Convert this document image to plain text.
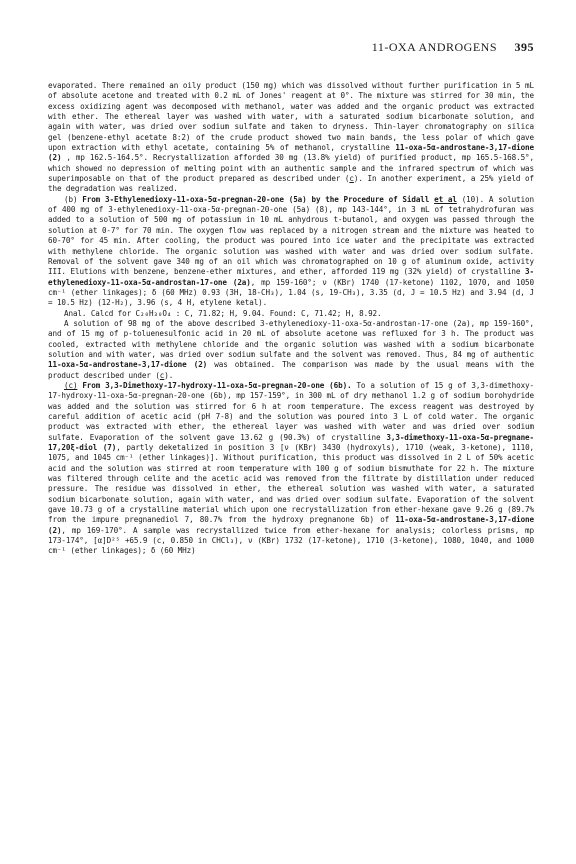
11-OXA ANDROGENS 395

evaporated. There remained an oily product (150 mg) which was dissolved without further purification in 5 mL of absolute acetone and treated with 0.2 mL of Jones' reagent at 0°. The mixture was stirred for 30 min, the excess oxidizing agent was decomposed with methanol, water was added and the organic product was extracted with ether. The ethereal layer was washed with water, with a saturated sodium bicarbonate solution, and again with water, was dried over sodium sulfate and taken to dryness. Thin-layer chromatography on silica gel (benzene-ethyl acetate 8:2) of the crude product showed two main bands, the less polar of which gave upon extraction with ethyl acetate, containing 5% of methanol, crystalline 11-oxa-5α-androstane-3,17-dione (2) , mp 162.5-164.5°. Recrystallization afforded 30 mg (13.8% yield) of purified product, mp 165.5-168.5°, which showed no depression of melting point with an authentic sample and the infrared spectrum of which was superimposable on that of the product prepared as described under (c). In another experiment, a 25% yield of the degradation was realized.

(b) From 3-Ethylenedioxy-11-oxa-5α-pregnan-20-one (5a) by the Procedure of Sidall et al (10). A solution of 400 mg of 3-ethylenedioxy-11-oxa-5α-pregnan-20-one (5a) (8), mp 143-144°, in 3 mL of tetrahydrofuran was added to a solution of 500 mg of potassium in 10 mL anhydrous t-butanol, and oxygen was passed through the solution at 0-7° for 70 min. The oxygen flow was replaced by a nitrogen stream and the mixture was heated to 60-70° for 45 min. After cooling, the product was poured into ice water and the precipitate was extracted with methylene chloride. The organic solution was washed with water and was dried over sodium sulfate. Removal of the solvent gave 340 mg of an oil which was chromatographed on 10 g of aluminum oxide, activity III. Elutions with benzene, benzene-ether mixtures, and ether, afforded 119 mg (32% yield) of crystalline 3-ethylenedioxy-11-oxa-5α-androstan-17-one (2a), mp 159-160°; ν (KBr) 1740 (17-ketone) 1102, 1070, and 1050 cm⁻¹ (ether linkages); δ (60 MHz) 0.93 (3H, 18-CH₃), 1.04 (s, 19-CH₃), 3.35 (d, J = 10.5 Hz) and 3.94 (d, J = 10.5 Hz) (12-H₂), 3.96 (s, 4 H, etylene ketal).

Anal. Calcd for C₂₀H₃₀O₄ : C, 71.82; H, 9.04. Found: C, 71.42; H, 8.92.

A solution of 98 mg of the above described 3-ethylenedioxy-11-oxa-5α-androstan-17-one (2a), mp 159-160°, and of 15 mg of p-toluenesulfonic acid in 20 mL of absolute acetone was refluxed for 3 h. The product was cooled, extracted with methylene chloride and the organic solution was washed with a sodium bicarbonate solution and with water, was dried over sodium sulfate and the solvent was removed. Thus, 84 mg of authentic 11-oxa-5α-androstane-3,17-dione (2) was obtained. The comparison was made by the usual means with the product described under (c).

(c) From 3,3-Dimethoxy-17-hydroxy-11-oxa-5α-pregnan-20-one (6b). To a solution of 15 g of 3,3-dimethoxy-17-hydroxy-11-oxa-5α-pregnan-20-one (6b), mp 157-159°, in 300 mL of dry methanol 1.2 g of sodium borohydride was added and the solution was stirred for 6 h at room temperature. The excess reagent was destroyed by careful addition of acetic acid (pH 7-8) and the solution was poured into 3 L of cold water. The organic product was extracted with ether, the ethereal layer was washed with water and was dried over sodium sulfate. Evaporation of the solvent gave 13.62 g (90.3%) of crystalline 3,3-dimethoxy-11-oxa-5α-pregnane-17,20ξ-diol (7), partly deketalized in position 3 [ν (KBr) 3430 (hydroxyls), 1710 (weak, 3-ketone), 1110, 1075, and 1045 cm⁻¹ (ether linkages)]. Without purification, this product was dissolved in 2 L of 50% acetic acid and the solution was stirred at room temperature with 100 g of sodium bismuthate for 22 h. The mixture was filtered through celite and the acetic acid was removed from the filtrate by distillation under reduced pressure. The residue was dissolved in ether, the ethereal solution was washed with water, a saturated sodium bicarbonate solution, again with water, and was dried over sodium sulfate. Evaporation of the solvent gave 10.73 g of a crystalline material which upon one recrystallization from ether-hexane gave 9.26 g (89.7% from the impure pregnanediol 7, 80.7% from the hydroxy pregnanone 6b) of 11-oxa-5α-androstane-3,17-dione (2), mp 169-170°. A sample was recrystallized twice from ether-hexane for analysis; colorless prisms, mp 173-174°, [α]D²⁵ +65.9 (c, 0.850 in CHCl₃), ν (KBr) 1732 (17-ketone), 1710 (3-ketone), 1080, 1040, and 1000 cm⁻¹ (ether linkages); δ (60 MHz)
